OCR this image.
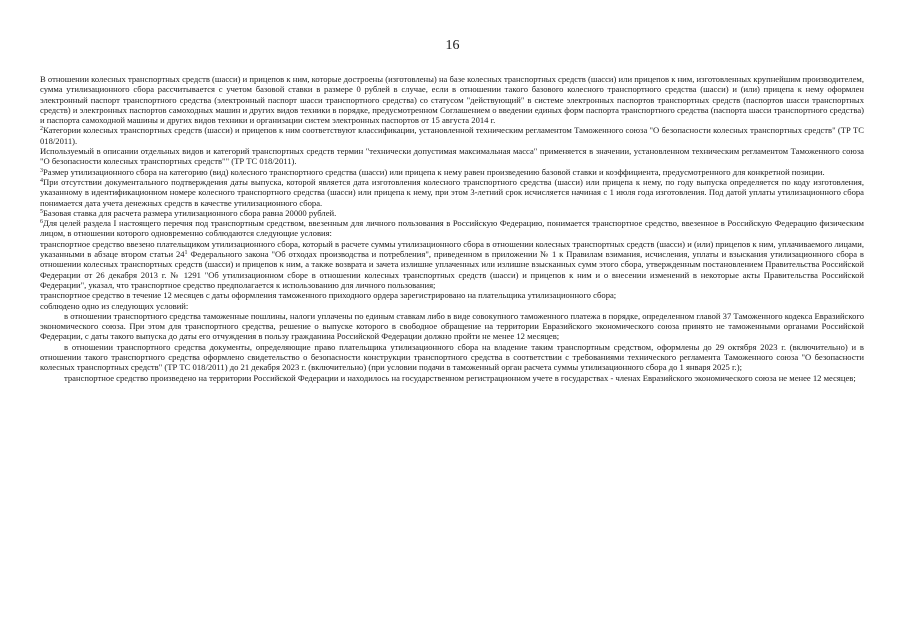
16

В отношении колесных транспортных средств (шасси) и прицепов к ним, которые достроены (изготовлены) на базе колесных транспортных средств (шасси) или прицепов к ним, изготовленных крупнейшим производителем, сумма утилизационного сбора рассчитывается с учетом базовой ставки в размере 0 рублей в случае, если в отношении такого базового колесного транспортного средства (шасси) и (или) прицепа к нему оформлен электронный паспорт транспортного средства (электронный паспорт шасси транспортного средства) со статусом "действующий" в системе электронных паспортов транспортных средств (паспортов шасси транспортных средств) и электронных паспортов самоходных машин и других видов техники в порядке, предусмотренном Соглашением о введении единых форм паспорта транспортного средства (паспорта шасси транспортного средства) и паспорта самоходной машины и других видов техники и организации систем электронных паспортов от 15 августа 2014 г.

$^2$Категории колесных транспортных средств (шасси) и прицепов к ним соответствуют классификации, установленной техническим регламентом Таможенного союза "О безопасности колесных транспортных средств" (ТР ТС 018/2011).

Используемый в описании отдельных видов и категорий транспортных средств термин "технически допустимая максимальная масса" применяется в значении, установленном техническим регламентом Таможенного союза "О безопасности колесных транспортных средств"" (ТР ТС 018/2011).

$^3$Размер утилизационного сбора на категорию (вид) колесного транспортного средства (шасси) или прицепа к нему равен произведению базовой ставки и коэффициента, предусмотренного для конкретной позиции.

$^4$При отсутствии документального подтверждения даты выпуска, которой является дата изготовления колесного транспортного средства (шасси) или прицепа к нему, по году выпуска определяется по коду изготовления, указанному в идентификационном номере колесного транспортного средства (шасси) или прицепа к нему, при этом 3-летний срок исчисляется начиная с 1 июля года изготовления. Под датой уплаты утилизационного сбора понимается дата учета денежных средств в качестве утилизационного сбора.

$^5$Базовая ставка для расчета размера утилизационного сбора равна 20000 рублей.

$^6$Для целей раздела I настоящего перечня под транспортным средством, ввезенным для личного пользования в Российскую Федерацию, понимается транспортное средство, ввезенное в Российскую Федерацию физическим лицом, в отношении которого одновременно соблюдаются следующие условия:

транспортное средство ввезено плательщиком утилизационного сбора, который в расчете суммы утилизационного сбора в отношении колесных транспортных средств (шасси) и (или) прицепов к ним, уплачиваемого лицами, указанными в абзаце втором статьи $24^1$ Федерального закона "Об отходах производства и потребления", приведенном в приложении № 1 к Правилам взимания, исчисления, уплаты и взыскания утилизационного сбора в отношении колесных транспортных средств (шасси) и прицепов к ним, а также возврата и зачета излишне уплаченных или излишне взысканных сумм этого сбора, утвержденным постановлением Правительства Российской Федерации от 26 декабря 2013 г. № 1291 "Об утилизационном сборе в отношении колесных транспортных средств (шасси) и прицепов к ним и о внесении изменений в некоторые акты Правительства Российской Федерации", указал, что транспортное средство предполагается к использованию для личного пользования;

транспортное средство в течение 12 месяцев с даты оформления таможенного приходного ордера зарегистрировано на плательщика утилизационного сбора;

соблюдено одно из следующих условий:

в отношении транспортного средства таможенные пошлины, налоги уплачены по единым ставкам либо в виде совокупного таможенного платежа в порядке, определенном главой 37 Таможенного кодекса Евразийского экономического союза. При этом для транспортного средства, решение о выпуске которого в свободное обращение на территории Евразийского экономического союза принято не таможенными органами Российской Федерации, с даты такого выпуска до даты его отчуждения в пользу гражданина Российской Федерации должно пройти не менее 12 месяцев;

в отношении транспортного средства документы, определяющие право плательщика утилизационного сбора на владение таким транспортным средством, оформлены до 29 октября 2023 г. (включительно) и в отношении такого транспортного средства оформлено свидетельство о безопасности конструкции транспортного средства в соответствии с требованиями технического регламента Таможенного союза "О безопасности колесных транспортных средств" (ТР ТС 018/2011) до 21 декабря 2023 г. (включительно) (при условии подачи в таможенный орган расчета суммы утилизационного сбора до 1 января 2025 г.);

транспортное средство произведено на территории Российской Федерации и находилось на государственном регистрационном учете в государствах - членах Евразийского экономического союза не менее 12 месяцев;
